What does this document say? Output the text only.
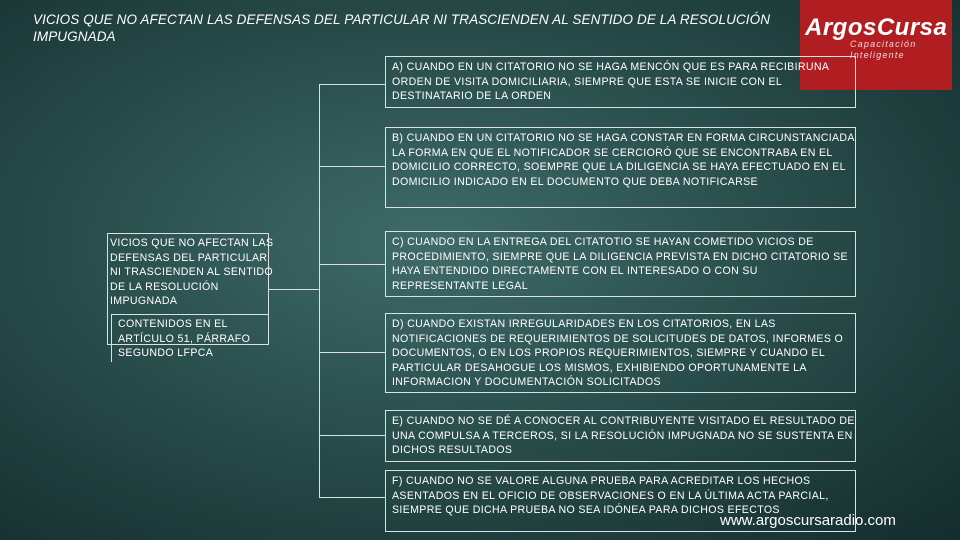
VICIOS QUE NO AFECTAN LAS DEFENSAS DEL PARTICULAR NI TRASCIENDEN AL SENTIDO DE LA RESOLUCIÓN IMPUGNADA	ArgosCursa
Capacitación
Inteligente
VICIOS QUE NO AFECTAN LAS DEFENSAS DEL PARTICULAR NI TRASCIENDEN AL SENTIDO DE LA RESOLUCIÓN IMPUGNADA
CONTENIDOS EN EL ARTÍCULO 51, PÁRRAFO SEGUNDO LFPCA
A) CUANDO EN UN CITATORIO NO SE HAGA MENCÓN QUE ES PARA RECIBIRUNA ORDEN DE VISITA DOMICILIARIA, SIEMPRE QUE ESTA SE INICIE CON EL DESTINATARIO DE LA ORDEN
B) CUANDO EN UN CITATORIO NO SE HAGA CONSTAR EN FORMA CIRCUNSTANCIADA LA FORMA EN QUE EL NOTIFICADOR SE CERCIORÓ QUE SE ENCONTRABA EN EL DOMICILIO CORRECTO, SOEMPRE QUE LA DILIGENCIA SE HAYA EFECTUADO EN EL DOMICILIO INDICADO EN EL DOCUMENTO QUE DEBA NOTIFICARSE
C) CUANDO EN LA ENTREGA DEL CITATOTIO SE HAYAN COMETIDO VICIOS DE PROCEDIMIENTO, SIEMPRE QUE LA DILIGENCIA PREVISTA EN DICHO CITATORIO SE HAYA ENTENDIDO DIRECTAMENTE CON EL INTERESADO O CON SU REPRESENTANTE LEGAL
D) CUANDO EXISTAN IRREGULARIDADES EN LOS CITATORIOS, EN LAS NOTIFICACIONES DE REQUERIMIENTOS DE SOLICITUDES DE DATOS, INFORMES O DOCUMENTOS, O EN LOS PROPIOS REQUERIMIENTOS, SIEMPRE Y CUANDO EL PARTICULAR DESAHOGUE LOS MISMOS, EXHIBIENDO OPORTUNAMENTE LA INFORMACION Y DOCUMENTACIÓN SOLICITADOS
E) CUANDO NO SE DÉ A CONOCER AL CONTRIBUYENTE VISITADO EL RESULTADO DE UNA COMPULSA A TERCEROS, SI LA RESOLUCIÓN IMPUGNADA NO SE SUSTENTA EN DICHOS RESULTADOS
F) CUANDO NO SE VALORE ALGUNA PRUEBA PARA ACREDITAR LOS HECHOS ASENTADOS EN EL OFICIO DE OBSERVACIONES O EN LA ÚLTIMA ACTA PARCIAL, SIEMPRE QUE DICHA PRUEBA NO SEA IDÓNEA PARA DICHOS EFECTOS
www.argoscursaradio.com
